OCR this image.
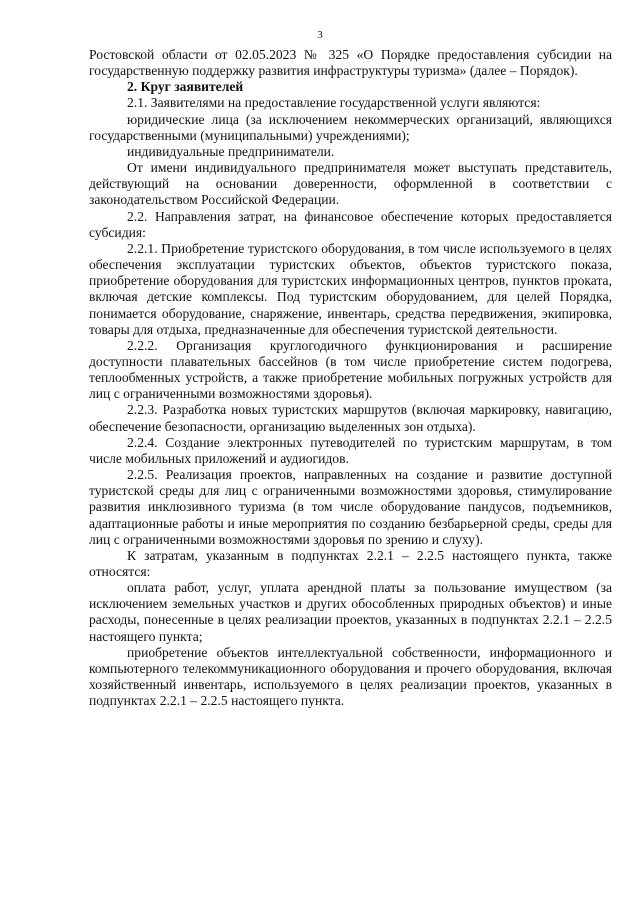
3

Ростовской области от 02.05.2023 № 325 «О Порядке предоставления субсидии на государственную поддержку развития инфраструктуры туризма» (далее – Порядок).

2. Круг заявителей

2.1. Заявителями на предоставление государственной услуги являются:

юридические лица (за исключением некоммерческих организаций, являющихся государственными (муниципальными) учреждениями);

индивидуальные предприниматели.

От имени индивидуального предпринимателя может выступать представитель, действующий на основании доверенности, оформленной в соответствии с законодательством Российской Федерации.

2.2. Направления затрат, на финансовое обеспечение которых предоставляется субсидия:

2.2.1. Приобретение туристского оборудования, в том числе используемого в целях обеспечения эксплуатации туристских объектов, объектов туристского показа, приобретение оборудования для туристских информационных центров, пунктов проката, включая детские комплексы. Под туристским оборудованием, для целей Порядка, понимается оборудование, снаряжение, инвентарь, средства передвижения, экипировка, товары для отдыха, предназначенные для обеспечения туристской деятельности.

2.2.2. Организация круглогодичного функционирования и расширение доступности плавательных бассейнов (в том числе приобретение систем подогрева, теплообменных устройств, а также приобретение мобильных погружных устройств для лиц с ограниченными возможностями здоровья).

2.2.3. Разработка новых туристских маршрутов (включая маркировку, навигацию, обеспечение безопасности, организацию выделенных зон отдыха).

2.2.4. Создание электронных путеводителей по туристским маршрутам, в том числе мобильных приложений и аудиогидов.

2.2.5. Реализация проектов, направленных на создание и развитие доступной туристской среды для лиц с ограниченными возможностями здоровья, стимулирование развития инклюзивного туризма (в том числе оборудование пандусов, подъемников, адаптационные работы и иные мероприятия по созданию безбарьерной среды, среды для лиц с ограниченными возможностями здоровья по зрению и слуху).

К затратам, указанным в подпунктах 2.2.1 – 2.2.5 настоящего пункта, также относятся:

оплата работ, услуг, уплата арендной платы за пользование имуществом (за исключением земельных участков и других обособленных природных объектов) и иные расходы, понесенные в целях реализации проектов, указанных в подпунктах 2.2.1 – 2.2.5 настоящего пункта;

приобретение объектов интеллектуальной собственности, информационного и компьютерного телекоммуникационного оборудования и прочего оборудования, включая хозяйственный инвентарь, используемого в целях реализации проектов, указанных в подпунктах 2.2.1 – 2.2.5 настоящего пункта.
